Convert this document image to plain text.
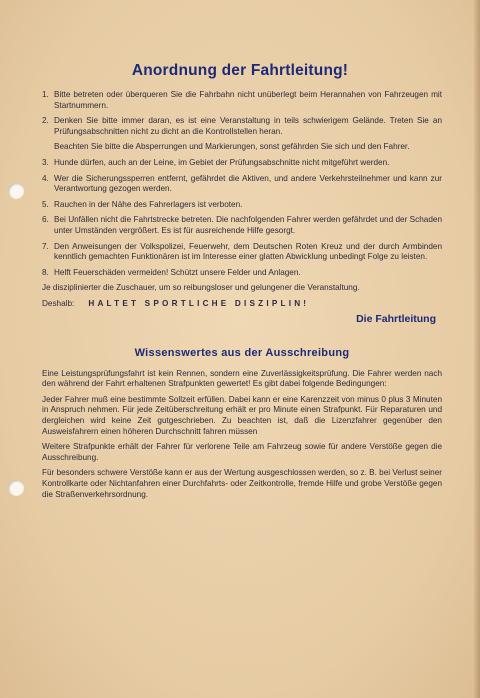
Anordnung der Fahrtleitung!
1. Bitte betreten oder überqueren Sie die Fahrbahn nicht unüberlegt beim Herannahen von Fahrzeugen mit Startnummern.
2. Denken Sie bitte immer daran, es ist eine Veranstaltung in teils schwierigem Gelände. Treten Sie an Prüfungsabschnitten nicht zu dicht an die Kontrollstellen heran.
Beachten Sie bitte die Absperrungen und Markierungen, sonst gefährden Sie sich und den Fahrer.
3. Hunde dürfen, auch an der Leine, im Gebiet der Prüfungsabschnitte nicht mitgeführt werden.
4. Wer die Sicherungssperren entfernt, gefährdet die Aktiven, und andere Verkehrsteilnehmer und kann zur Verantwortung gezogen werden.
5. Rauchen in der Nähe des Fahrerlagers ist verboten.
6. Bei Unfällen nicht die Fahrtstrecke betreten. Die nachfolgenden Fahrer werden gefährdet und der Schaden unter Umständen vergrößert. Es ist für ausreichende Hilfe gesorgt.
7. Den Anweisungen der Volkspolizei, Feuerwehr, dem Deutschen Roten Kreuz und der durch Armbinden kenntlich gemachten Funktionären ist im Interesse einer glatten Abwicklung unbedingt Folge zu leisten.
8. Helft Feuerschäden vermeiden! Schützt unsere Felder und Anlagen.
Je disziplinierter die Zuschauer, um so reibungsloser und gelungener die Veranstaltung.
Deshalb: HALTET SPORTLICHE DISZIPLIN!
Die Fahrtleitung
Wissenswertes aus der Ausschreibung
Eine Leistungsprüfungsfahrt ist kein Rennen, sondern eine Zuverlässigkeitsprüfung. Die Fahrer werden nach den während der Fahrt erhaltenen Strafpunkten gewertet! Es gibt dabei folgende Bedingungen:
Jeder Fahrer muß eine bestimmte Sollzeit erfüllen. Dabei kann er eine Karenzzeit von minus 0 plus 3 Minuten in Anspruch nehmen. Für jede Zeitüberschreitung erhält er pro Minute einen Strafpunkt. Für Reparaturen und dergleichen wird keine Zeit gutgeschrieben. Zu beachten ist, daß die Lizenzfahrer gegenüber den Ausweisfahrern einen höheren Durchschnitt fahren müssen
Weitere Strafpunkte erhält der Fahrer für verlorene Teile am Fahrzeug sowie für andere Verstöße gegen die Ausschreibung.
Für besonders schwere Verstöße kann er aus der Wertung ausgeschlossen werden, so z. B. bei Verlust seiner Kontrollkarte oder Nichtanfahren einer Durchfahrts- oder Zeitkontrolle, fremde Hilfe und grobe Verstöße gegen die Straßenverkehrsordnung.
